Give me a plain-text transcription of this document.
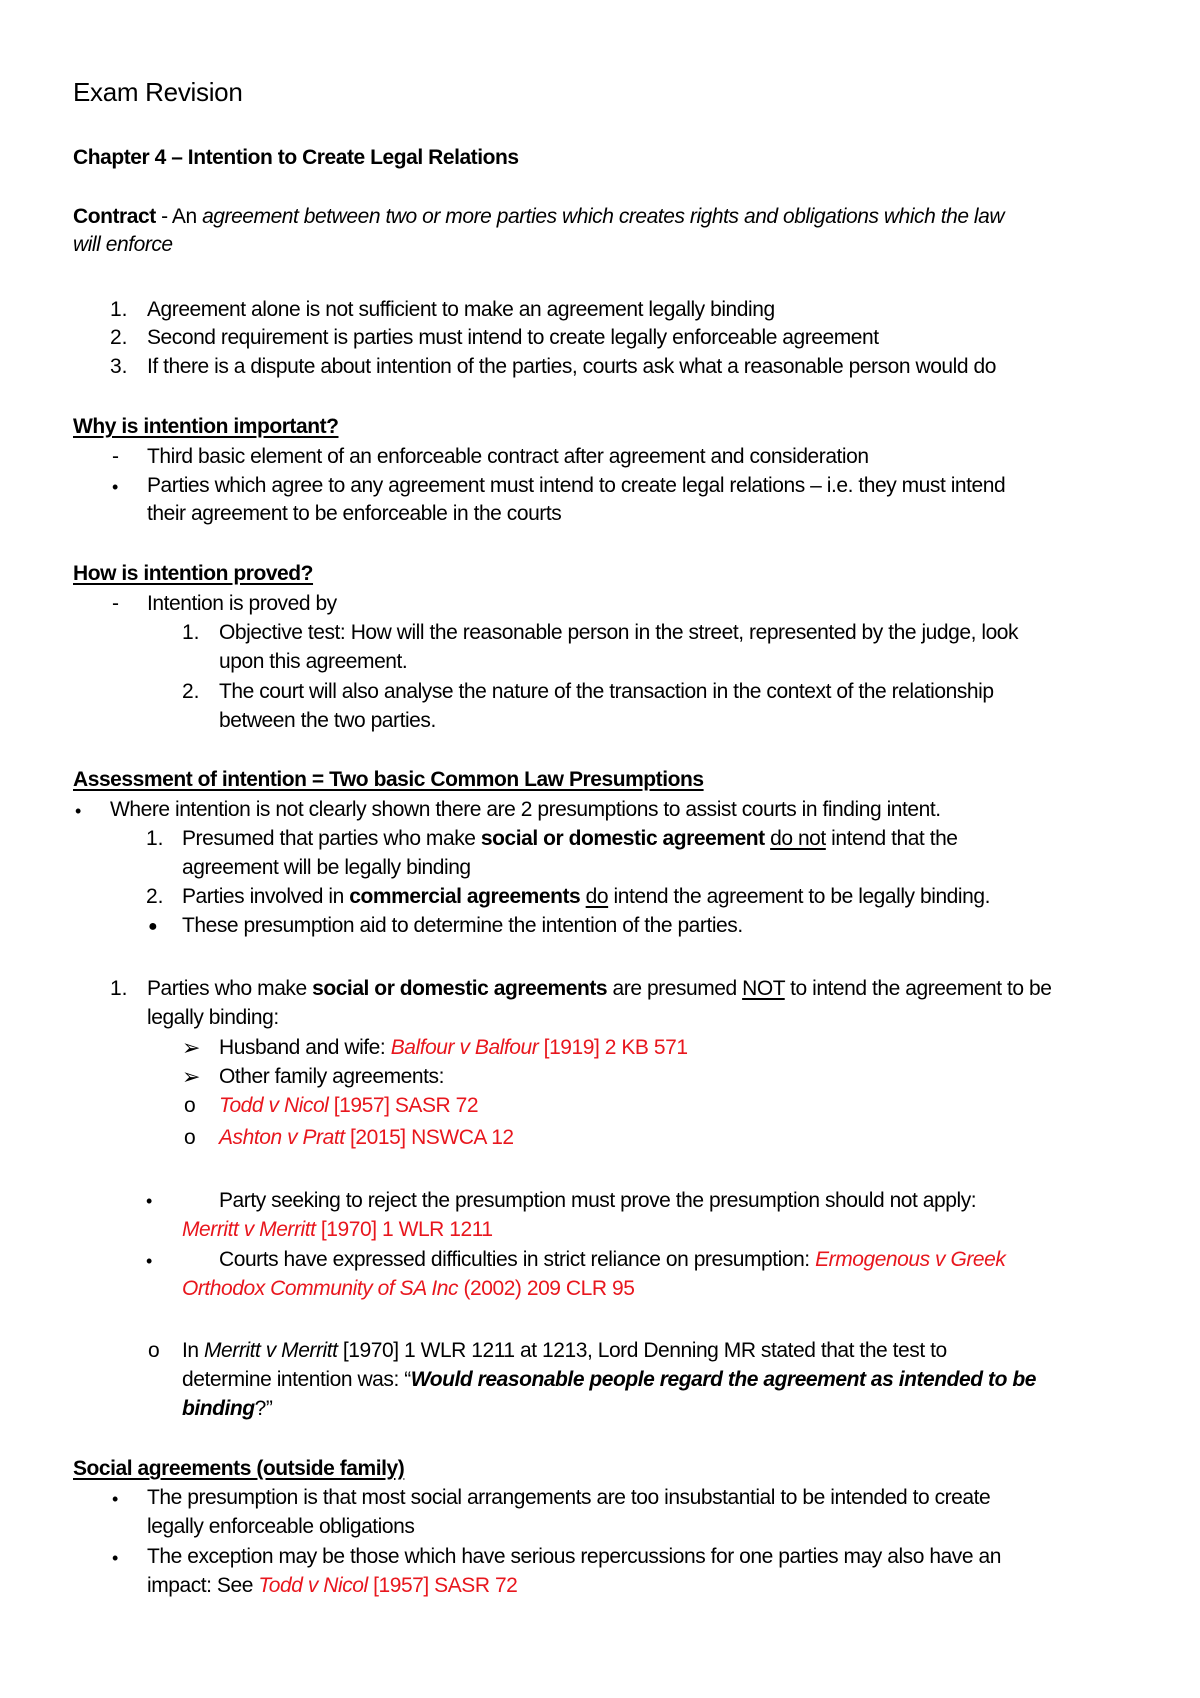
Exam Revision
Chapter 4 – Intention to Create Legal Relations
Contract - An agreement between two or more parties which creates rights and obligations which the law
will enforce
1. Agreement alone is not sufficient to make an agreement legally binding
2. Second requirement is parties must intend to create legally enforceable agreement
3. If there is a dispute about intention of the parties, courts ask what a reasonable person would do
Why is intention important?
- Third basic element of an enforceable contract after agreement and consideration
• Parties which agree to any agreement must intend to create legal relations – i.e. they must intend
their agreement to be enforceable in the courts
How is intention proved?
- Intention is proved by
1. Objective test: How will the reasonable person in the street, represented by the judge, look
upon this agreement.
2. The court will also analyse the nature of the transaction in the context of the relationship
between the two parties.
Assessment of intention = Two basic Common Law Presumptions
• Where intention is not clearly shown there are 2 presumptions to assist courts in finding intent.
1. Presumed that parties who make social or domestic agreement do not intend that the
agreement will be legally binding
2. Parties involved in commercial agreements do intend the agreement to be legally binding.
● These presumption aid to determine the intention of the parties.
1. Parties who make social or domestic agreements are presumed NOT to intend the agreement to be
legally binding:
➢ Husband and wife: Balfour v Balfour [1919] 2 KB 571
➢ Other family agreements:
o Todd v Nicol [1957] SASR 72
o Ashton v Pratt [2015] NSWCA 12
•	Party seeking to reject the presumption must prove the presumption should not apply:
Merritt v Merritt [1970] 1 WLR 1211
•	Courts have expressed difficulties in strict reliance on presumption: Ermogenous v Greek
Orthodox Community of SA Inc (2002) 209 CLR 95
o In Merritt v Merritt [1970] 1 WLR 1211 at 1213, Lord Denning MR stated that the test to
determine intention was: “Would reasonable people regard the agreement as intended to be
binding?”
Social agreements (outside family)
• The presumption is that most social arrangements are too insubstantial to be intended to create
legally enforceable obligations
• The exception may be those which have serious repercussions for one parties may also have an
impact: See Todd v Nicol [1957] SASR 72
